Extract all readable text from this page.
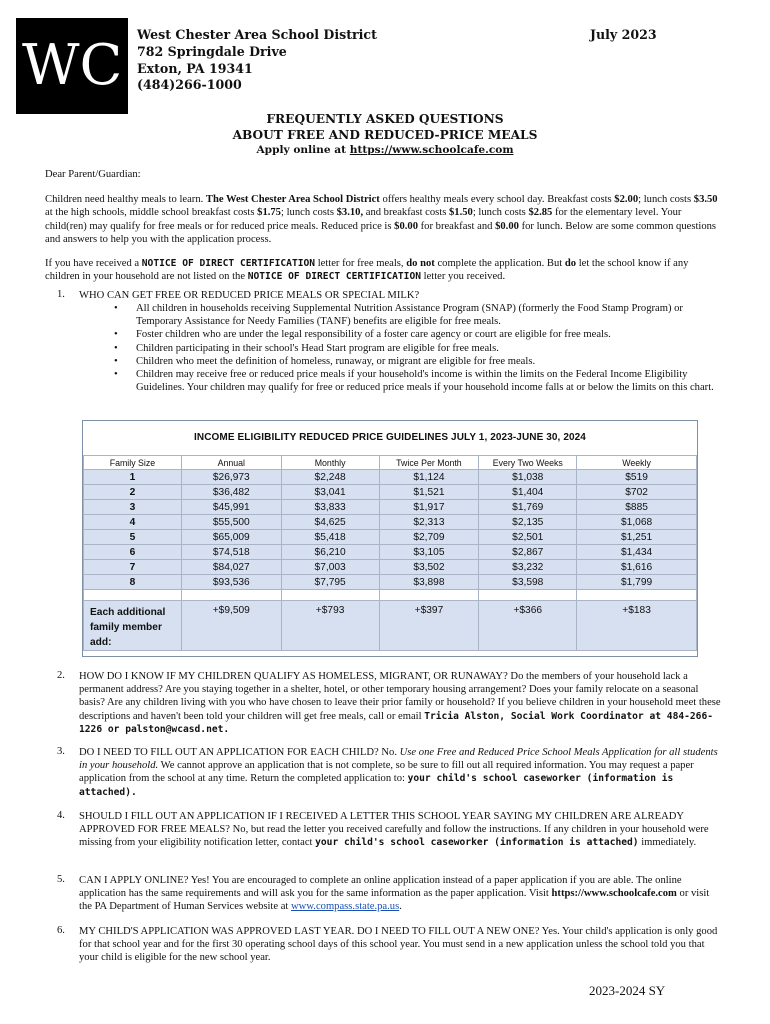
WC West Chester Area School District
782 Springdale Drive
Exton, PA 19341
(484)266-1000
July 2023
FREQUENTLY ASKED QUESTIONS
ABOUT FREE AND REDUCED-PRICE MEALS
Apply online at https://www.schoolcafe.com
Dear Parent/Guardian:
Children need healthy meals to learn. The West Chester Area School District offers healthy meals every school day. Breakfast costs $2.00; lunch costs $3.50 at the high schools, middle school breakfast costs $1.75; lunch costs $3.10, and breakfast costs $1.50; lunch costs $2.85 for the elementary level. Your child(ren) may qualify for free meals or for reduced price meals. Reduced price is $0.00 for breakfast and $0.00 for lunch. Below are some common questions and answers to help you with the application process.
If you have received a NOTICE OF DIRECT CERTIFICATION letter for free meals, do not complete the application. But do let the school know if any children in your household are not listed on the NOTICE OF DIRECT CERTIFICATION letter you received.
1. WHO CAN GET FREE OR REDUCED PRICE MEALS OR SPECIAL MILK?
• All children in households receiving Supplemental Nutrition Assistance Program (SNAP) (formerly the Food Stamp Program) or Temporary Assistance for Needy Families (TANF) benefits are eligible for free meals.
• Foster children who are under the legal responsibility of a foster care agency or court are eligible for free meals.
• Children participating in their school's Head Start program are eligible for free meals.
• Children who meet the definition of homeless, runaway, or migrant are eligible for free meals.
• Children may receive free or reduced price meals if your household's income is within the limits on the Federal Income Eligibility Guidelines. Your children may qualify for free or reduced price meals if your household income falls at or below the limits on this chart.
INCOME ELIGIBILITY REDUCED PRICE GUIDELINES JULY 1, 2023-JUNE 30, 2024
Family Size	Annual	Monthly	Twice Per Month	Every Two Weeks	Weekly
1	$26,973	$2,248	$1,124	$1,038	$519
2	$36,482	$3,041	$1,521	$1,404	$702
3	$45,991	$3,833	$1,917	$1,769	$885
4	$55,500	$4,625	$2,313	$2,135	$1,068
5	$65,009	$5,418	$2,709	$2,501	$1,251
6	$74,518	$6,210	$3,105	$2,867	$1,434
7	$84,027	$7,003	$3,502	$3,232	$1,616
8	$93,536	$7,795	$3,898	$3,598	$1,799

Each additional family member add:	+$9,509	+$793	+$397	+$366	+$183
2. HOW DO I KNOW IF MY CHILDREN QUALIFY AS HOMELESS, MIGRANT, OR RUNAWAY? Do the members of your household lack a permanent address? Are you staying together in a shelter, hotel, or other temporary housing arrangement? Does your family relocate on a seasonal basis? Are any children living with you who have chosen to leave their prior family or household? If you believe children in your household meet these descriptions and haven't been told your children will get free meals, call or email Tricia Alston, Social Work Coordinator at 484-266-1226 or palston@wcasd.net.
3. DO I NEED TO FILL OUT AN APPLICATION FOR EACH CHILD? No. Use one Free and Reduced Price School Meals Application for all students in your household. We cannot approve an application that is not complete, so be sure to fill out all required information. You may request a paper application from the school at any time. Return the completed application to: your child's school caseworker (information is attached).
4. SHOULD I FILL OUT AN APPLICATION IF I RECEIVED A LETTER THIS SCHOOL YEAR SAYING MY CHILDREN ARE ALREADY APPROVED FOR FREE MEALS? No, but read the letter you received carefully and follow the instructions. If any children in your household were missing from your eligibility notification letter, contact your child's school caseworker (information is attached) immediately.
5. CAN I APPLY ONLINE? Yes! You are encouraged to complete an online application instead of a paper application if you are able. The online application has the same requirements and will ask you for the same information as the paper application. Visit https://www.schoolcafe.com or visit the PA Department of Human Services website at www.compass.state.pa.us.
6. MY CHILD'S APPLICATION WAS APPROVED LAST YEAR. DO I NEED TO FILL OUT A NEW ONE? Yes. Your child's application is only good for that school year and for the first 30 operating school days of this school year. You must send in a new application unless the school told you that your child is eligible for the new school year.
2023-2024 SY
